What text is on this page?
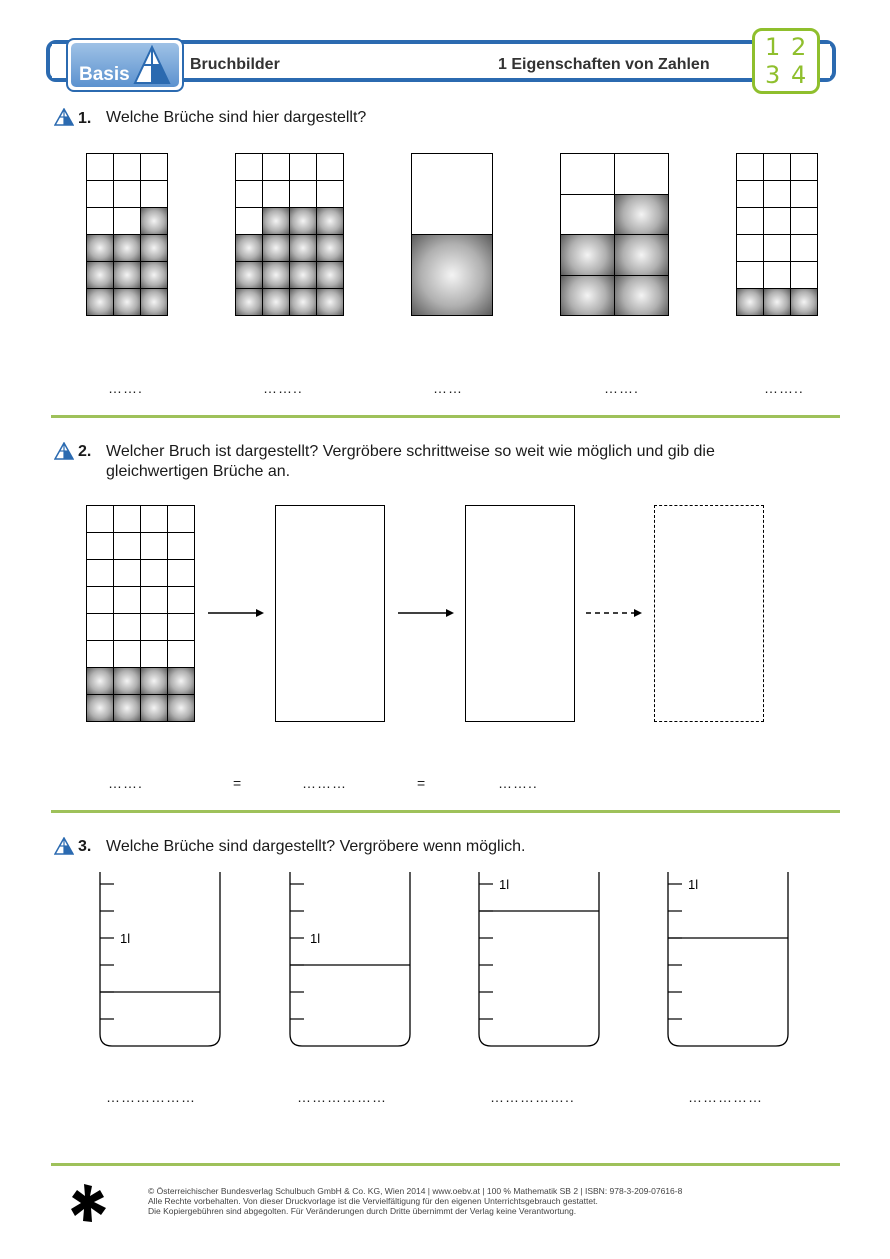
Basis	Bruchbilder	1 Eigenschaften von Zahlen
1 2
3 4
1. Welche Brüche sind hier dargestellt?
…….	……..	……	…….	……..
2. Welcher Bruch ist dargestellt? Vergröbere schrittweise so weit wie möglich und gib die
gleichwertigen Brüche an.
…….	=	………	=	……..
3. Welche Brüche sind dargestellt? Vergröbere wenn möglich.
1l	1l
1l	1l
………………	………………	……………..	……………
© Österreichischer Bundesverlag Schulbuch GmbH & Co. KG, Wien 2014 | www.oebv.at | 100 % Mathematik SB 2 | ISBN: 978-3-209-07616-8
Alle Rechte vorbehalten. Von dieser Druckvorlage ist die Vervielfältigung für den eigenen Unterrichtsgebrauch gestattet.
Die Kopiergebühren sind abgegolten. Für Veränderungen durch Dritte übernimmt der Verlag keine Verantwortung.
